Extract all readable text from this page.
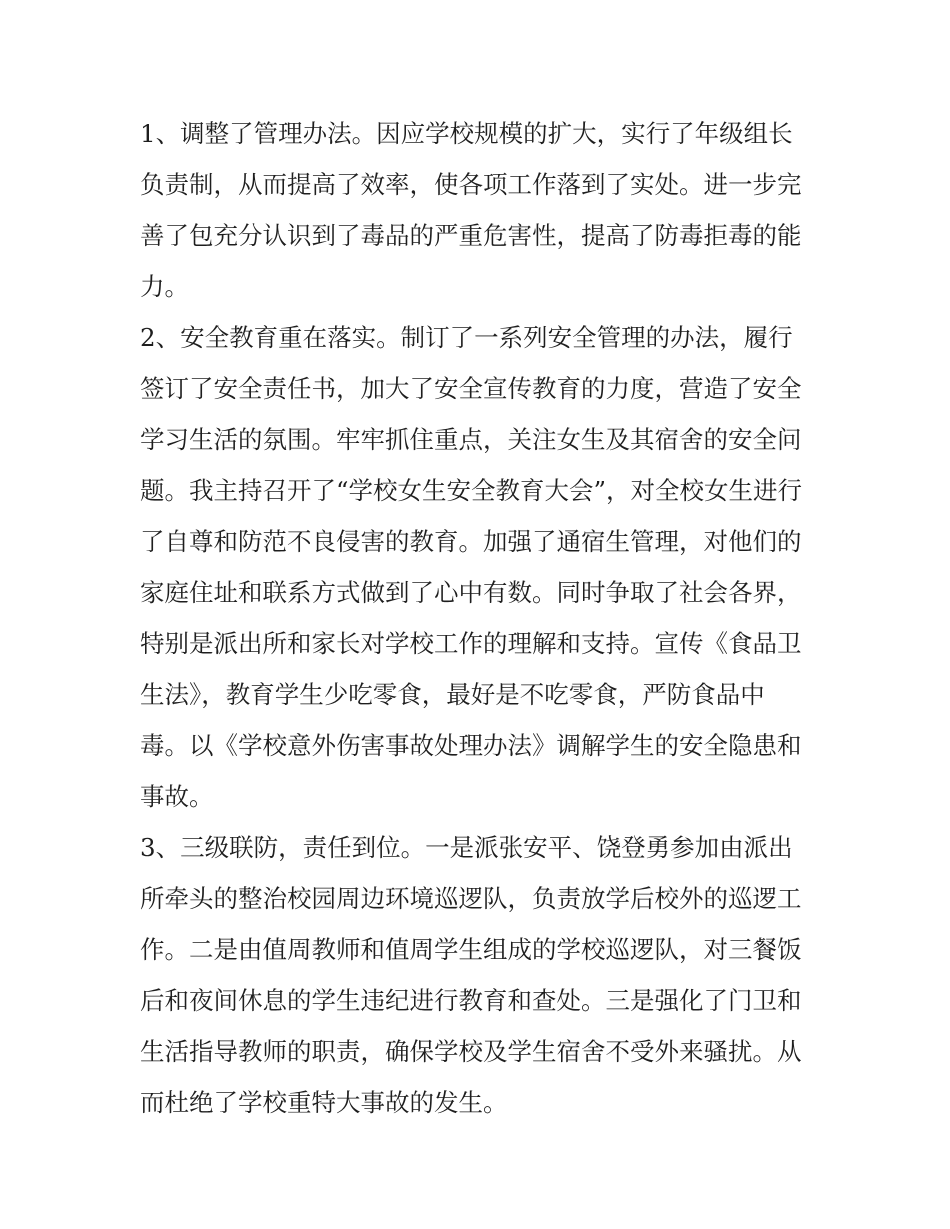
1、调整了管理办法。因应学校规模的扩大，实行了年级组长
负责制，从而提高了效率，使各项工作落到了实处。进一步完
善了包充分认识到了毒品的严重危害性，提高了防毒拒毒的能
力。
2、安全教育重在落实。制订了一系列安全管理的办法，履行
签订了安全责任书，加大了安全宣传教育的力度，营造了安全
学习生活的氛围。牢牢抓住重点，关注女生及其宿舍的安全问
题。我主持召开了“学校女生安全教育大会”，对全校女生进行
了自尊和防范不良侵害的教育。加强了通宿生管理，对他们的
家庭住址和联系方式做到了心中有数。同时争取了社会各界，
特别是派出所和家长对学校工作的理解和支持。宣传《食品卫
生法》，教育学生少吃零食，最好是不吃零食，严防食品中
毒。以《学校意外伤害事故处理办法》调解学生的安全隐患和
事故。
3、三级联防，责任到位。一是派张安平、饶登勇参加由派出
所牵头的整治校园周边环境巡逻队，负责放学后校外的巡逻工
作。二是由值周教师和值周学生组成的学校巡逻队，对三餐饭
后和夜间休息的学生违纪进行教育和查处。三是强化了门卫和
生活指导教师的职责，确保学校及学生宿舍不受外来骚扰。从
而杜绝了学校重特大事故的发生。
